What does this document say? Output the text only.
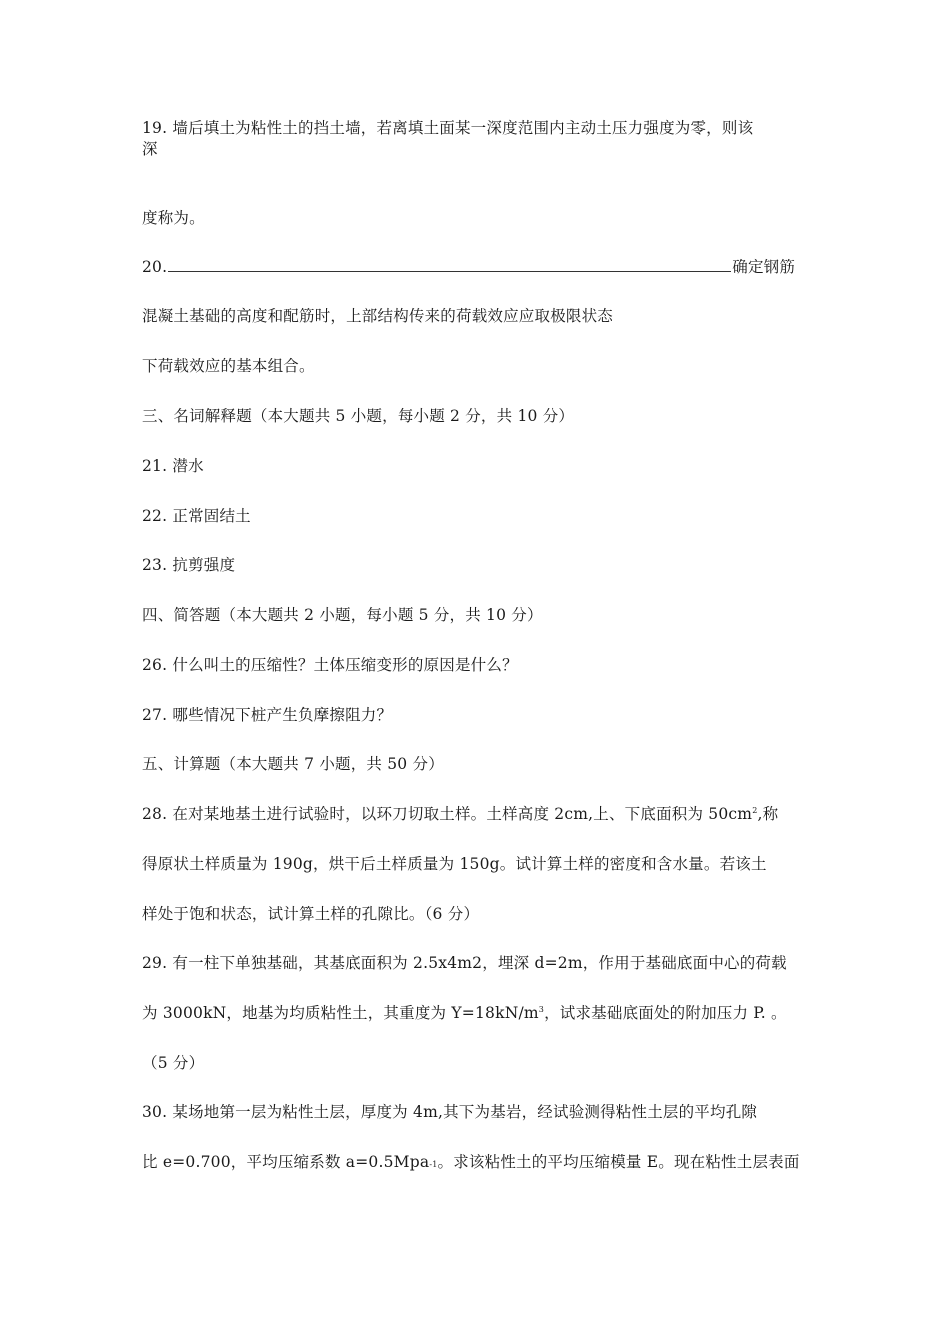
19. 墙后填土为粘性土的挡土墙，若离填土面某一深度范围内主动土压力强度为零，则该
深
度称为。
20.	确定钢筋
混凝土基础的高度和配筋时，上部结构传来的荷载效应应取极限状态
下荷载效应的基本组合。
三、名词解释题（本大题共 5 小题，每小题 2 分，共 10 分）
21. 潜水
22. 正常固结土
23. 抗剪强度
四、简答题（本大题共 2 小题，每小题 5 分，共 10 分）
26. 什么叫土的压缩性？土体压缩变形的原因是什么？
27. 哪些情况下桩产生负摩擦阻力？
五、计算题（本大题共 7 小题，共 50 分）
28. 在对某地基土进行试验时，以环刀切取土样。土样高度 2cm,上、下底面积为 $50cm^2$,称
得原状土样质量为 190g，烘干后土样质量为 150g。试计算土样的密度和含水量。若该土
样处于饱和状态，试计算土样的孔隙比。（6 分）
29. 有一柱下单独基础，其基底面积为 2.5x4m2，埋深 d=2m，作用于基础底面中心的荷载
为 3000kN，地基为均质粘性土，其重度为 $Y=18kN/m^3$，试求基础底面处的附加压力 P. 。
（5 分）
30. 某场地第一层为粘性土层，厚度为 4m,其下为基岩，经试验测得粘性土层的平均孔隙
比 e=0.700，平均压缩系数 a=0.5Mpa-1。求该粘性土的平均压缩模量 E。现在粘性土层表面
